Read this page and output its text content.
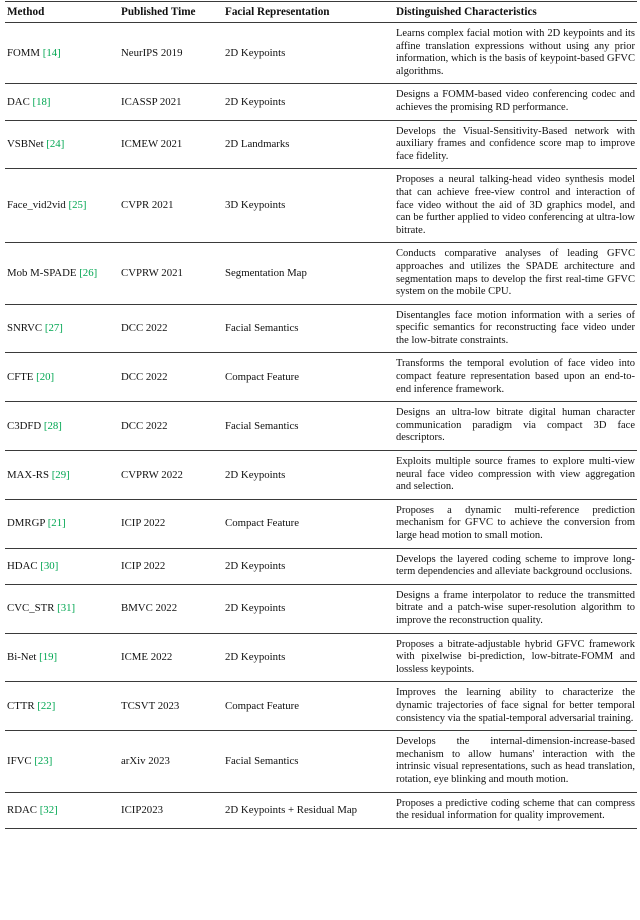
Method	Published Time	Facial Representation	Distinguished Characteristics
FOMM [14]	NeurIPS 2019	2D Keypoints	Learns complex facial motion with 2D keypoints and its affine translation expressions without using any prior information, which is the basis of keypoint-based GFVC algorithms.
DAC [18]	ICASSP 2021	2D Keypoints	Designs a FOMM-based video conferencing codec and achieves the promising RD performance.
VSBNet [24]	ICMEW 2021	2D Landmarks	Develops the Visual-Sensitivity-Based network with auxiliary frames and confidence score map to improve face fidelity.
Face_vid2vid [25]	CVPR 2021	3D Keypoints	Proposes a neural talking-head video synthesis model that can achieve free-view control and interaction of face video without the aid of 3D graphics model, and can be further applied to video conferencing at ultra-low bitrate.
Mob M-SPADE [26]	CVPRW 2021	Segmentation Map	Conducts comparative analyses of leading GFVC approaches and utilizes the SPADE architecture and segmentation maps to develop the first real-time GFVC system on the mobile CPU.
SNRVC [27]	DCC 2022	Facial Semantics	Disentangles face motion information with a series of specific semantics for reconstructing face video under the low-bitrate constraints.
CFTE [20]	DCC 2022	Compact Feature	Transforms the temporal evolution of face video into compact feature representation based upon an end-to-end inference framework.
C3DFD [28]	DCC 2022	Facial Semantics	Designs an ultra-low bitrate digital human character communication paradigm via compact 3D face descriptors.
MAX-RS [29]	CVPRW 2022	2D Keypoints	Exploits multiple source frames to explore multi-view neural face video compression with view aggregation and selection.
DMRGP [21]	ICIP 2022	Compact Feature	Proposes a dynamic multi-reference prediction mechanism for GFVC to achieve the conversion from large head motion to small motion.
HDAC [30]	ICIP 2022	2D Keypoints	Develops the layered coding scheme to improve long-term dependencies and alleviate background occlusions.
CVC_STR [31]	BMVC 2022	2D Keypoints	Designs a frame interpolator to reduce the transmitted bitrate and a patch-wise super-resolution algorithm to improve the reconstruction quality.
Bi-Net [19]	ICME 2022	2D Keypoints	Proposes a bitrate-adjustable hybrid GFVC framework with pixelwise bi-prediction, low-bitrate-FOMM and lossless keypoints.
CTTR [22]	TCSVT 2023	Compact Feature	Improves the learning ability to characterize the dynamic trajectories of face signal for better temporal consistency via the spatial-temporal adversarial training.
IFVC [23]	arXiv 2023	Facial Semantics	Develops the internal-dimension-increase-based mechanism to allow humans' interaction with the intrinsic visual representations, such as head translation, rotation, eye blinking and mouth motion.
RDAC [32]	ICIP2023	2D Keypoints + Residual Map	Proposes a predictive coding scheme that can compress the residual information for quality improvement.
